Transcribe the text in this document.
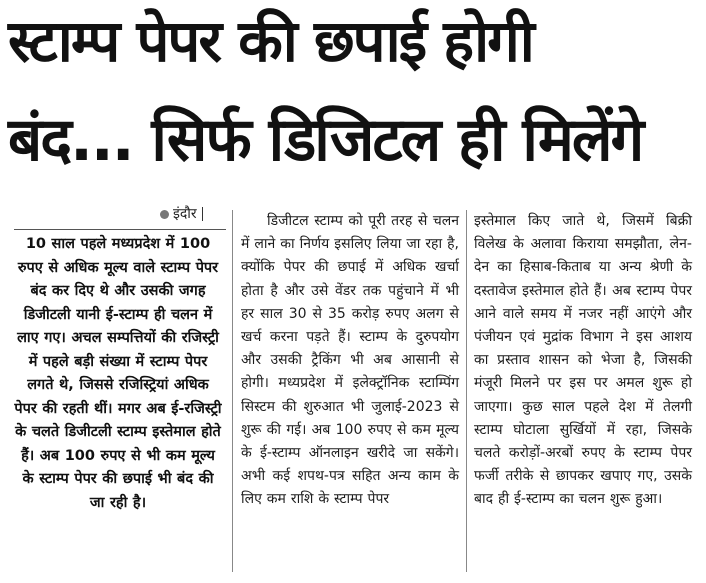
स्टाम्प पेपर की छपाई होगी
बंद... सिर्फ डिजिटल ही मिलेंगे
इंदौर

10 साल पहले मध्यप्रदेश में 100 रुपए से अधिक मूल्य वाले स्टाम्प पेपर बंद कर दिए थे और उसकी जगह डिजीटली यानी ई-स्टाम्प ही चलन में लाए गए। अचल सम्पत्तियों की रजिस्ट्री में पहले बड़ी संख्या में स्टाम्प पेपर लगते थे, जिससे रजिस्ट्रियां अधिक पेपर की रहती थीं। मगर अब ई-रजिस्ट्री के चलते डिजीटली स्टाम्प इस्तेमाल होते हैं। अब 100 रुपए से भी कम मूल्य के स्टाम्प पेपर की छपाई भी बंद की जा रही है।

डिजीटल स्टाम्प को पूरी तरह से चलन में लाने का निर्णय इसलिए लिया जा रहा है, क्योंकि पेपर की छपाई में अधिक खर्चा होता है और उसे वेंडर तक पहुंचाने में भी हर साल 30 से 35 करोड़ रुपए अलग से खर्च करना पड़ते हैं। स्टाम्प के दुरुपयोग और उसकी ट्रैकिंग भी अब आसानी से होगी। मध्यप्रदेश में इलेक्ट्रॉनिक स्टाम्पिंग सिस्टम की शुरुआत भी जुलाई-2023 से शुरू की गई। अब 100 रुपए से कम मूल्य के ई-स्टाम्प ऑनलाइन खरीदे जा सकेंगे। अभी कई शपथ-पत्र सहित अन्य काम के लिए कम राशि के स्टाम्प पेपर

इस्तेमाल किए जाते थे, जिसमें बिक्री विलेख के अलावा किराया समझौता, लेन-देन का हिसाब-किताब या अन्य श्रेणी के दस्तावेज इस्तेमाल होते हैं। अब स्टाम्प पेपर आने वाले समय में नजर नहीं आएंगे और पंजीयन एवं मुद्रांक विभाग ने इस आशय का प्रस्ताव शासन को भेजा है, जिसकी मंजूरी मिलने पर इस पर अमल शुरू हो जाएगा। कुछ साल पहले देश में तेलगी स्टाम्प घोटाला सुर्खियों में रहा, जिसके चलते करोड़ों-अरबों रुपए के स्टाम्प पेपर फर्जी तरीके से छापकर खपाए गए, उसके बाद ही ई-स्टाम्प का चलन शुरू हुआ।
